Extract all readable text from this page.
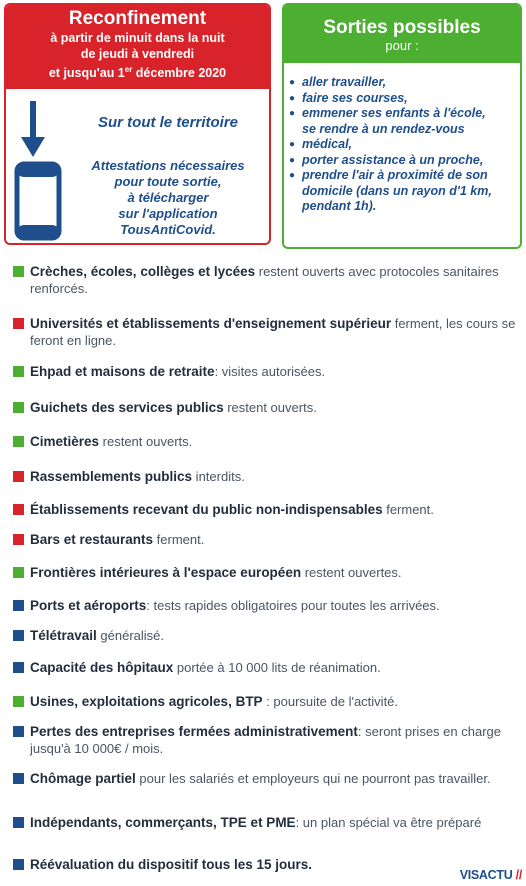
Reconfinement
à partir de minuit dans la nuit
de jeudi à vendredi
et jusqu'au 1er décembre 2020
Sur tout le territoire
Attestations nécessaires
pour toute sortie,
à télécharger
sur l'application
TousAntiCovid.
Sorties possibles
pour :
● aller travailler,
● faire ses courses,
● emmener ses enfants à l'école,
se rendre à un rendez-vous
● médical,
● porter assistance à un proche,
● prendre l'air à proximité de son
domicile (dans un rayon d'1 km,
pendant 1h).
Crèches, écoles, collèges et lycées restent ouverts avec protocoles sanitaires renforcés.
Universités et établissements d'enseignement supérieur ferment, les cours se feront en ligne.
Ehpad et maisons de retraite: visites autorisées.
Guichets des services publics restent ouverts.
Cimetières restent ouverts.
Rassemblements publics interdits.
Établissements recevant du public non-indispensables ferment.
Bars et restaurants ferment.
Frontières intérieures à l'espace européen restent ouvertes.
Ports et aéroports: tests rapides obligatoires pour toutes les arrivées.
Télétravail généralisé.
Capacité des hôpitaux portée à 10 000 lits de réanimation.
Usines, exploitations agricoles, BTP : poursuite de l'activité.
Pertes des entreprises fermées administrativement: seront prises en charge jusqu'à 10 000€ / mois.
Chômage partiel pour les salariés et employeurs qui ne pourront pas travailler.
Indépendants, commerçants, TPE et PME: un plan spécial va être préparé
Réévaluation du dispositif tous les 15 jours.
VISACTU //
